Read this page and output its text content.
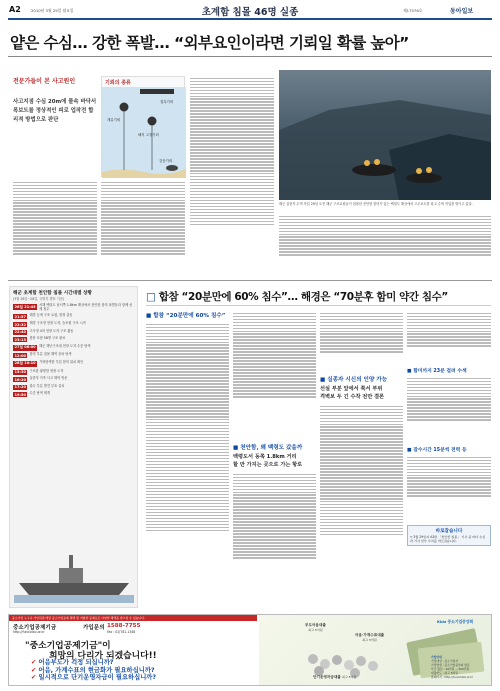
A2	2010년 3월 29일 월요일	초계함 침몰 46명 실종	제17576호	동아일보
얕은 수심… 강한 폭발… “외부요인이라면 기뢰일 확률 높아”
전문가들이 본 사고원인
사고지점 수심 20m에 물속 바닥서 폭보트를 정상적인 피로 업작전 합리적 방법으로 판단
기뢰의 종류
계류기뢰
해저 고정기뢰
접촉기뢰
감응기뢰
해군 실종자 수색 작업 29일 오전 해군 구조요원들이 침몰한 천안함 함미가 있는 백령도 해상에서 고무보트를 타고 수색 작업을 벌이고 있다.
해군 초계함 천안함 침몰 시간대별 상황
(3월 26일~28일, 국방부 발표 기준)
26일 21:45	서해 백령도 남서쪽 1.8km 해상에서 천안함 함미 폭발음과 함께 선체 침수
21:57	해경 등에 구조 요청, 함정 출동
22:32	해경 구조정 현장 도착, 승조원 구조 시작
22:40	고속정 4척 현장 도착 구조 활동
23:13	함장 포함 58명 구조 완료
27일 06:00	해군 해난구조대 현장 도착 수중 탐색
12:00	함미 부분 침몰 해역 음파 탐색
28일 10:10	기뢰탐색함 투입 함미 위치 확인
15:30	구조함 광양함 현장 도착
16:20	실종자 가족 사고 해역 방문
17:20	함수 부분 발견 부표 설치
19:50	수중 탐색 재개
□ 합참 “20분만에 60% 침수”… 해경은 “70분후 함미 약간 침수”
■ 합참 “20분만에 60% 침수”
■ 천안함, 왜 백령도 갔을까
백령도서 동쪽 1.8km 거리
할 만 가지는 곳으로 가는 항로
■ 실종자 시신의 인양 가능
선실 부분 앞에서 쭉서 부위
격벽보 두 긴 수작 전만 결론
■ 함미까지 23분 걸려 수색
■ 잠수시간 15분씩 전력 등
바로잡습니다
▽ 3월 29일자 A3면 「천안함 침몰」 기사 중 바다 수심과 기사 일부 수치를 바로잡습니다.
중소기업 누구나 가입하면 매달 중소기업공제 혜택 및 저렴한 공제료로 다양한 혜택을 받으실 수 있습니다.
중소기업공제기금	가입문의 1588-7755
http://fund.kbiz.or.kr	Fax : 02)781-1348
"중소기업공제기금"이
희망의 다리가 되겠습니다!!
✔ 어음부도가 걱정 되십니까?
✔ 어음, 가계수표의 현금화가 필요하십니까?
✔ 일시적으로 단기운영자금이 필요하십니까?
부도어음대출
최고 5억원
어음·가계수표대출
최고 5억원
단기운영자금대출 최고 5억원
Kbiz 중소기업중앙회
가입안내
가입대상 : 중소기업자
가입방법 : 중소기업중앙회 방문
부금 월납 : 10만원 ~ 500만원
대출한도 : 최고 5억원
홈페이지 : http://fund.kbiz.or.kr
